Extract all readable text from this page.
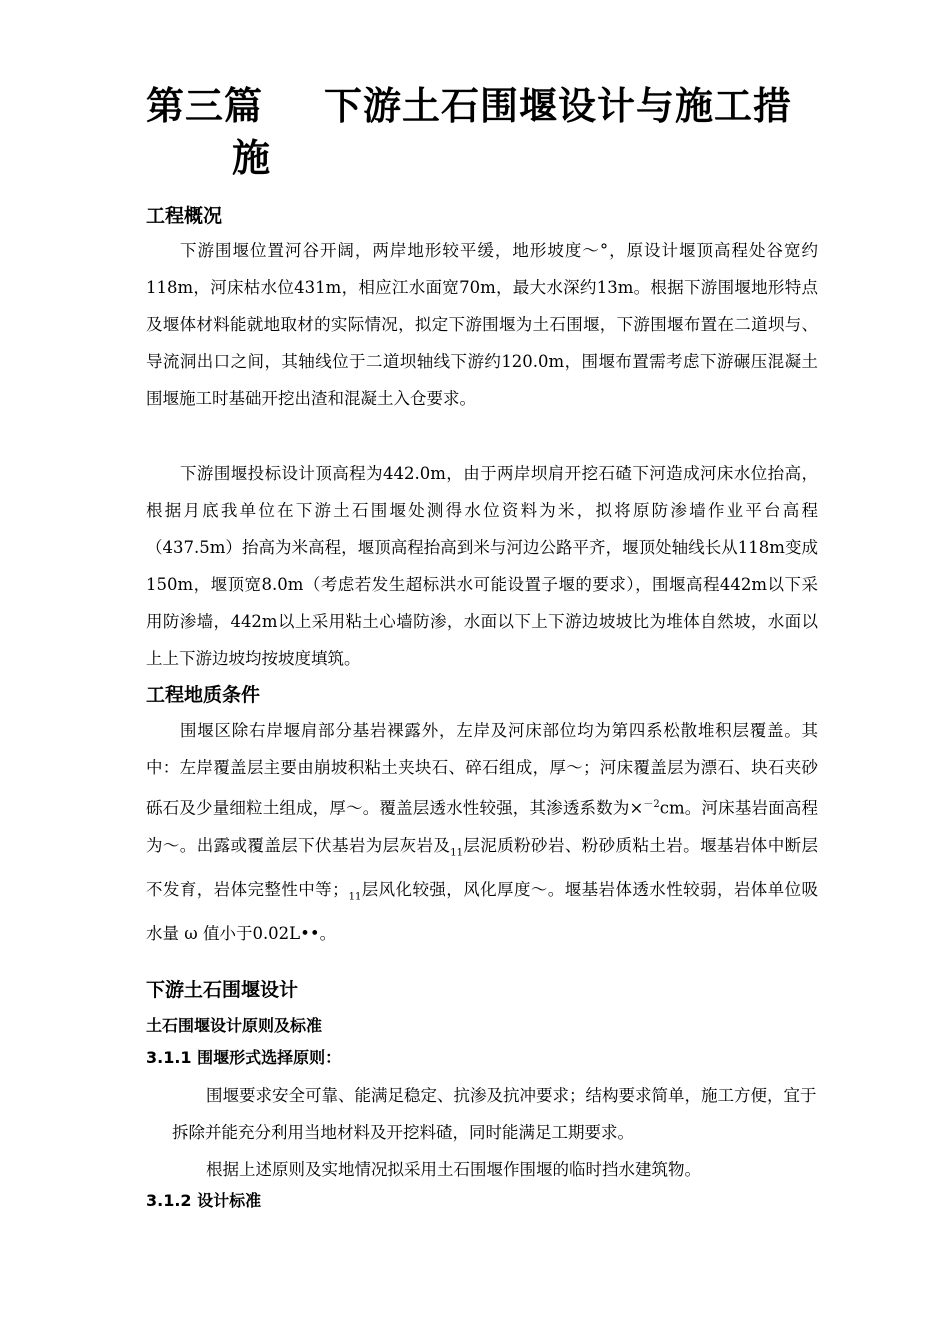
第三篇 下游土石围堰设计与施工措
施
工程概况
下游围堰位置河谷开阔，两岸地形较平缓，地形坡度～°，原设计堰顶高程处谷宽约118m，河床枯水位431m，相应江水面宽70m，最大水深约13m。根据下游围堰地形特点及堰体材料能就地取材的实际情况，拟定下游围堰为土石围堰，下游围堰布置在二道坝与、导流洞出口之间，其轴线位于二道坝轴线下游约120.0m，围堰布置需考虑下游碾压混凝土围堰施工时基础开挖出渣和混凝土入仓要求。
下游围堰投标设计顶高程为442.0m，由于两岸坝肩开挖石碴下河造成河床水位抬高，根据月底我单位在下游土石围堰处测得水位资料为米，拟将原防渗墙作业平台高程（437.5m）抬高为米高程，堰顶高程抬高到米与河边公路平齐，堰顶处轴线长从118m变成150m，堰顶宽8.0m（考虑若发生超标洪水可能设置子堰的要求），围堰高程442m以下采用防渗墙，442m以上采用粘土心墙防渗，水面以下上下游边坡坡比为堆体自然坡，水面以上上下游边坡均按坡度填筑。
工程地质条件
围堰区除右岸堰肩部分基岩裸露外，左岸及河床部位均为第四系松散堆积层覆盖。其中：左岸覆盖层主要由崩坡积粘土夹块石、碎石组成，厚～；河床覆盖层为漂石、块石夹砂砾石及少量细粒土组成，厚～。覆盖层透水性较强，其渗透系数为×$^{-2}$cm。河床基岩面高程为～。出露或覆盖层下伏基岩为层灰岩及$_{11}$层泥质粉砂岩、粉砂质粘土岩。堰基岩体中断层不发育，岩体完整性中等；$_{11}$层风化较强，风化厚度～。堰基岩体透水性较弱，岩体单位吸水量 ω 值小于0.02L••。
下游土石围堰设计
土石围堰设计原则及标准
3.1.1 围堰形式选择原则：
围堰要求安全可靠、能满足稳定、抗渗及抗冲要求；结构要求简单，施工方便，宜于拆除并能充分利用当地材料及开挖料碴，同时能满足工期要求。
根据上述原则及实地情况拟采用土石围堰作围堰的临时挡水建筑物。
3.1.2 设计标准
